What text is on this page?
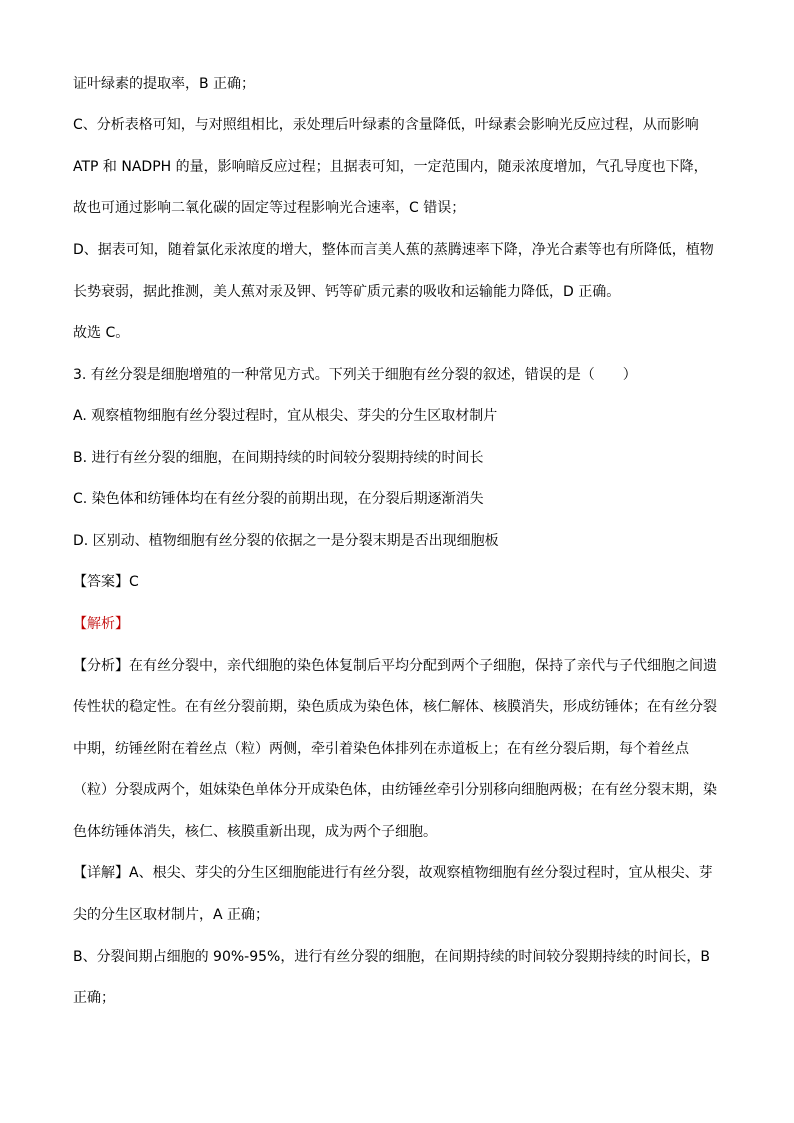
证叶绿素的提取率，B 正确；
C、分析表格可知，与对照组相比，汞处理后叶绿素的含量降低，叶绿素会影响光反应过程，从而影响
ATP 和 NADPH 的量，影响暗反应过程；且据表可知，一定范围内，随汞浓度增加，气孔导度也下降，
故也可通过影响二氧化碳的固定等过程影响光合速率，C 错误；
D、据表可知，随着氯化汞浓度的增大，整体而言美人蕉的蒸腾速率下降，净光合素等也有所降低，植物
长势衰弱，据此推测，美人蕉对汞及钾、钙等矿质元素的吸收和运输能力降低，D 正确。
故选 C。
3. 有丝分裂是细胞增殖的一种常见方式。下列关于细胞有丝分裂的叙述，错误的是（　　）
A. 观察植物细胞有丝分裂过程时，宜从根尖、芽尖的分生区取材制片
B. 进行有丝分裂的细胞，在间期持续的时间较分裂期持续的时间长
C. 染色体和纺锤体均在有丝分裂的前期出现，在分裂后期逐渐消失
D. 区别动、植物细胞有丝分裂的依据之一是分裂末期是否出现细胞板
【答案】C
【解析】
【分析】在有丝分裂中，亲代细胞的染色体复制后平均分配到两个子细胞，保持了亲代与子代细胞之间遗
传性状的稳定性。在有丝分裂前期，染色质成为染色体，核仁解体、核膜消失，形成纺锤体；在有丝分裂
中期，纺锤丝附在着丝点（粒）两侧，牵引着染色体排列在赤道板上；在有丝分裂后期，每个着丝点
（粒）分裂成两个，姐妹染色单体分开成染色体，由纺锤丝牵引分别移向细胞两极；在有丝分裂末期，染
色体纺锤体消失，核仁、核膜重新出现，成为两个子细胞。
【详解】A、根尖、芽尖的分生区细胞能进行有丝分裂，故观察植物细胞有丝分裂过程时，宜从根尖、芽
尖的分生区取材制片，A 正确；
B、分裂间期占细胞的 90%-95%，进行有丝分裂的细胞，在间期持续的时间较分裂期持续的时间长，B
正确；
